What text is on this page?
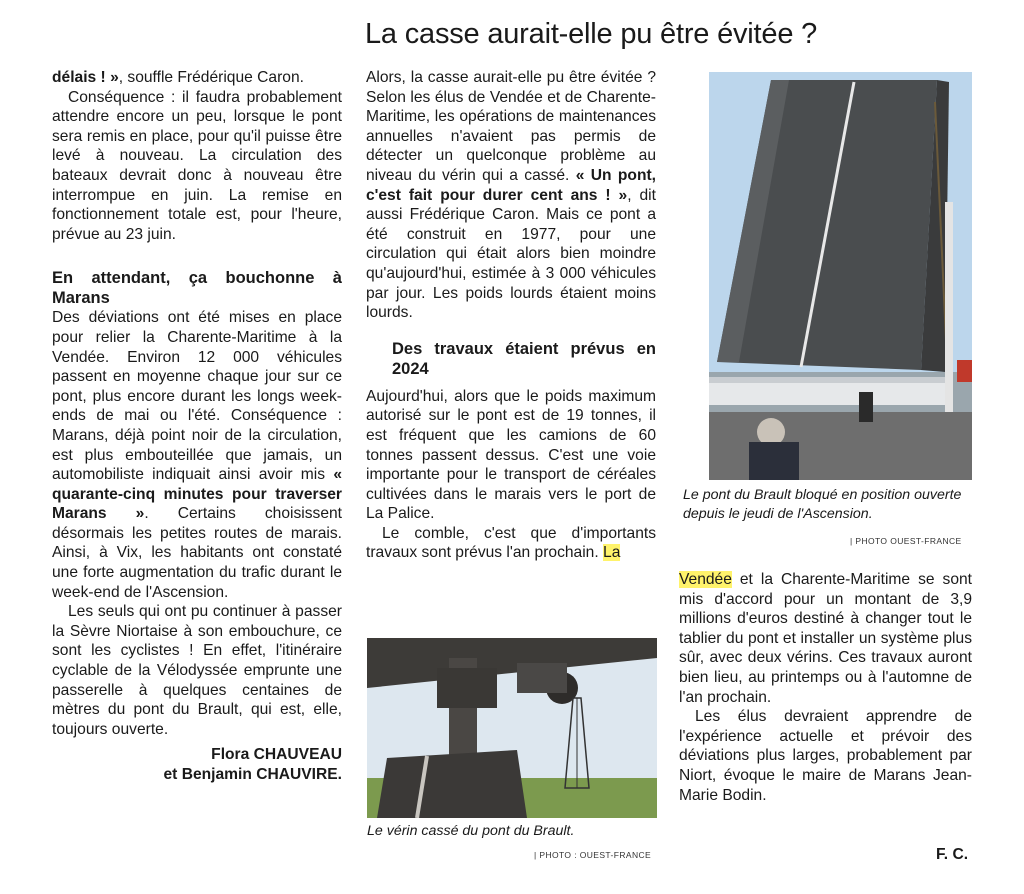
La casse aurait-elle pu être évitée ?

délais ! », souffle Frédérique Caron.

Conséquence : il faudra probablement attendre encore un peu, lorsque le pont sera remis en place, pour qu'il puisse être levé à nouveau. La circulation des bateaux devrait donc à nouveau être interrompue en juin. La remise en fonctionnement totale est, pour l'heure, prévue au 23 juin.

En attendant, ça bouchonne à Marans

Des déviations ont été mises en place pour relier la Charente-Maritime à la Vendée. Environ 12 000 véhicules passent en moyenne chaque jour sur ce pont, plus encore durant les longs week-ends de mai ou l'été. Conséquence : Marans, déjà point noir de la circulation, est plus embouteillée que jamais, un automobiliste indiquait ainsi avoir mis « quarante-cinq minutes pour traverser Marans ». Certains choisissent désormais les petites routes de marais. Ainsi, à Vix, les habitants ont constaté une forte augmentation du trafic durant le week-end de l'Ascension.

Les seuls qui ont pu continuer à passer la Sèvre Niortaise à son embouchure, ce sont les cyclistes ! En effet, l'itinéraire cyclable de la Vélodyssée emprunte une passerelle à quelques centaines de mètres du pont du Brault, qui est, elle, toujours ouverte.

Flora CHAUVEAU
et Benjamin CHAUVIRE.

Alors, la casse aurait-elle pu être évitée ? Selon les élus de Vendée et de Charente-Maritime, les opérations de maintenances annuelles n'avaient pas permis de détecter un quelconque problème au niveau du vérin qui a cassé. « Un pont, c'est fait pour durer cent ans ! », dit aussi Frédérique Caron. Mais ce pont a été construit en 1977, pour une circulation qui était alors bien moindre qu'aujourd'hui, estimée à 3 000 véhicules par jour. Les poids lourds étaient moins lourds.

Des travaux étaient prévus en 2024

Aujourd'hui, alors que le poids maximum autorisé sur le pont est de 19 tonnes, il est fréquent que les camions de 60 tonnes passent dessus. C'est une voie importante pour le transport de céréales cultivées dans le marais vers le port de La Palice.

Le comble, c'est que d'importants travaux sont prévus l'an prochain. La

Le pont du Brault bloqué en position ouverte depuis le jeudi de l'Ascension.
| PHOTO OUEST-FRANCE

Vendée et la Charente-Maritime se sont mis d'accord pour un montant de 3,9 millions d'euros destiné à changer tout le tablier du pont et installer un système plus sûr, avec deux vérins. Ces travaux auront bien lieu, au printemps ou à l'automne de l'an prochain.

Les élus devraient apprendre de l'expérience actuelle et prévoir des déviations plus larges, probablement par Niort, évoque le maire de Marans Jean-Marie Bodin.

F. C.
Le vérin cassé du pont du Brault.
| PHOTO : OUEST-FRANCE
